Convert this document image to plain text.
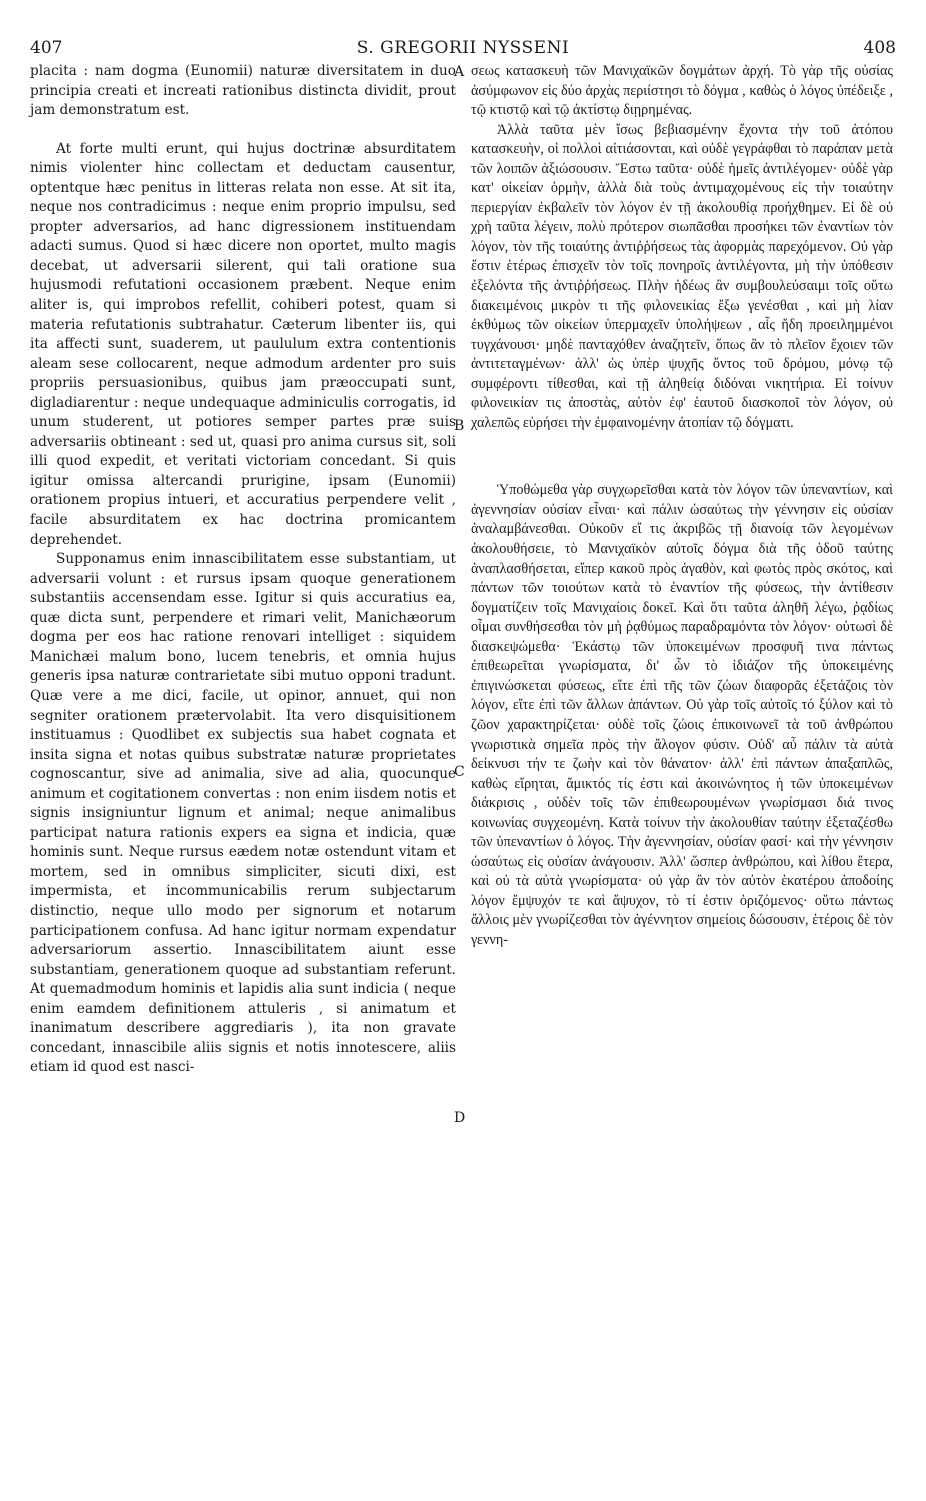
407	S. GREGORII NYSSENI	408

placita : nam dogma (Eunomii) naturæ diversitatem in duo principia creati et increati rationibus distincta dividit, prout jam demonstratum est.

At forte multi erunt, qui hujus doctrinæ absurditatem nimis violenter hinc collectam et deductam causentur, optentque hæc penitus in litteras relata non esse. At sit ita, neque nos contradicimus : neque enim proprio impulsu, sed propter adversarios, ad hanc digressionem instituendam adacti sumus. Quod si hæc dicere non oportet, multo magis decebat, ut adversarii silerent, qui tali oratione sua hujusmodi refutationi occasionem præbent. Neque enim aliter is, qui improbos refellit, cohiberi potest, quam si materia refutationis subtrahatur. Cæterum libenter iis, qui ita affecti sunt, suaderem, ut paululum extra contentionis aleam sese collocarent, neque admodum ardenter pro suis propriis persuasionibus, quibus jam præoccupati sunt, digladiarentur : neque undequaque adminiculis corrogatis, id unum studerent, ut potiores semper partes præ suis adversariis obtineant : sed ut, quasi pro anima cursus sit, soli illi quod expedit, et veritati victoriam concedant. Si quis igitur omissa altercandi prurigine, ipsam (Eunomii) orationem propius intueri, et accuratius perpendere velit , facile absurditatem ex hac doctrina promicantem deprehendet.

Supponamus enim innascibilitatem esse substantiam, ut adversarii volunt : et rursus ipsam quoque generationem substantiis accensendam esse. Igitur si quis accuratius ea, quæ dicta sunt, perpendere et rimari velit, Manichæorum dogma per eos hac ratione renovari intelliget : siquidem Manichæi malum bono, lucem tenebris, et omnia hujus generis ipsa naturæ contrarietate sibi mutuo opponi tradunt. Quæ vere a me dici, facile, ut opinor, annuet, qui non segniter orationem prætervolabit. Ita vero disquisitionem instituamus : Quodlibet ex subjectis sua habet cognata et insita signa et notas quibus substratæ naturæ proprietates cognoscantur, sive ad animalia, sive ad alia, quocunque animum et cogitationem convertas : non enim iisdem notis et signis insigniuntur lignum et animal; neque animalibus participat natura rationis expers ea signa et indicia, quæ hominis sunt. Neque rursus eædem notæ ostendunt vitam et mortem, sed in omnibus simpliciter, sicuti dixi, est impermista, et incommunicabilis rerum subjectarum distinctio, neque ullo modo per signorum et notarum participationem confusa. Ad hanc igitur normam expendatur adversariorum assertio. Innascibilitatem aiunt esse substantiam, generationem quoque ad substantiam referunt. At quemadmodum hominis et lapidis alia sunt indicia ( neque enim eamdem definitionem attuleris , si animatum et inanimatum describere aggrediaris ), ita non gravate concedant, innascibile aliis signis et notis innotescere, aliis etiam id quod est nasci-

A
B
C
D

σεως κατασκευὴ τῶν Μανιχαϊκῶν δογμάτων ἀρχή. Τὸ γὰρ τῆς οὐσίας ἀσύμφωνον εἰς δύο ἀρχὰς περιίστησι τὸ δόγμα , καθὼς ὁ λόγος ὑπέδειξε , τῷ κτιστῷ καὶ τῷ ἀκτίστῳ διῃρημένας.

Ἀλλὰ ταῦτα μὲν ἴσως βεβιασμένην ἔχοντα τὴν τοῦ ἀτόπου κατασκευὴν, οἱ πολλοὶ αἰτιάσονται, καὶ οὐδὲ γεγράφθαι τὸ παράπαν μετὰ τῶν λοιπῶν ἀξιώσουσιν. Ἔστω ταῦτα· οὐδὲ ἡμεῖς ἀντιλέγομεν· οὐδὲ γὰρ κατ' οἰκείαν ὁρμὴν, ἀλλὰ διὰ τοὺς ἀντιμαχομένους εἰς τὴν τοιαύτην περιεργίαν ἐκβαλεῖν τὸν λόγον ἐν τῇ ἀκολουθίᾳ προήχθημεν. Εἰ δὲ οὐ χρὴ ταῦτα λέγειν, πολὺ πρότερον σιωπᾶσθαι προσήκει τῶν ἐναντίων τὸν λόγον, τὸν τῆς τοιαύτης ἀντιῤῥήσεως τὰς ἀφορμὰς παρεχόμενον. Οὐ γὰρ ἔστιν ἑτέρως ἐπισχεῖν τὸν τοῖς πονηροῖς ἀντιλέγοντα, μὴ τὴν ὑπόθεσιν ἐξελόντα τῆς ἀντιῤῥήσεως. Πλὴν ἡδέως ἂν συμβουλεύσαιμι τοῖς οὕτω διακειμένοις μικρὸν τι τῆς φιλονεικίας ἔξω γενέσθαι , καὶ μὴ λίαν ἐκθύμως τῶν οἰκείων ὑπερμαχεῖν ὑπολήψεων , αἷς ἤδη προειλημμένοι τυγχάνουσι· μηδὲ πανταχόθεν ἀναζητεῖν, ὅπως ἂν τὸ πλεῖον ἔχοιεν τῶν ἀντιτεταγμένων· ἀλλ' ὡς ὑπὲρ ψυχῆς ὄντος τοῦ δρόμου, μόνῳ τῷ συμφέροντι τίθεσθαι, καὶ τῇ ἀληθείᾳ διδόναι νικητήρια. Εἰ τοίνυν φιλονεικίαν τις ἀποστὰς, αὐτὸν ἐφ' ἑαυτοῦ διασκοποῖ τὸν λόγον, οὐ χαλεπῶς εὑρήσει τὴν ἐμφαινομένην ἀτοπίαν τῷ δόγματι.

Ὑποθώμεθα γὰρ συγχωρεῖσθαι κατὰ τὸν λόγον τῶν ὑπεναντίων, καὶ ἀγεννησίαν οὐσίαν εἶναι· καὶ πάλιν ὡσαύτως τὴν γέννησιν εἰς οὐσίαν ἀναλαμβάνεσθαι. Οὐκοῦν εἴ τις ἀκριβῶς τῇ διανοίᾳ τῶν λεγομένων ἀκολουθήσειε, τὸ Μανιχαϊκὸν αὐτοῖς δόγμα διὰ τῆς ὁδοῦ ταύτης ἀναπλασθήσεται, εἴπερ κακοῦ πρὸς ἀγαθὸν, καὶ φωτὸς πρὸς σκότος, καὶ πάντων τῶν τοιούτων κατὰ τὸ ἐναντίον τῆς φύσεως, τὴν ἀντίθεσιν δογματίζειν τοῖς Μανιχαίοις δοκεῖ. Καὶ ὅτι ταῦτα ἀληθῆ λέγω, ῥᾳδίως οἶμαι συνθήσεσθαι τὸν μὴ ῥᾳθύμως παραδραμόντα τὸν λόγον· οὑτωσὶ δὲ διασκεψώμεθα· Ἑκάστῳ τῶν ὑποκειμένων προσφυῆ τινα πάντως ἐπιθεωρεῖται γνωρίσματα, δι' ὧν τὸ ἰδιάζον τῆς ὑποκειμένης ἐπιγινώσκεται φύσεως, εἴτε ἐπὶ τῆς τῶν ζώων διαφορᾶς ἐξετάζοις τὸν λόγον, εἴτε ἐπὶ τῶν ἄλλων ἁπάντων. Οὐ γὰρ τοῖς αὐτοῖς τό ξύλον καὶ τὸ ζῶον χαρακτηρίζεται· οὐδὲ τοῖς ζώοις ἐπικοινωνεῖ τὰ τοῦ ἀνθρώπου γνωριστικὰ σημεῖα πρὸς τὴν ἄλογον φύσιν. Οὐδ' αὖ πάλιν τὰ αὐτὰ δείκνυσι τήν τε ζωὴν καὶ τὸν θάνατον· ἀλλ' ἐπὶ πάντων ἁπαξαπλῶς, καθὼς εἴρηται, ἄμικτός τίς ἐστι καὶ ἀκοινώνητος ἡ τῶν ὑποκειμένων διάκρισις , οὐδὲν τοῖς τῶν ἐπιθεωρουμένων γνωρίσμασι διά τινος κοινωνίας συγχεομένη. Κατὰ τοίνυν τὴν ἀκολουθίαν ταύτην ἐξεταζέσθω τῶν ὑπεναντίων ὁ λόγος. Τὴν ἀγεννησίαν, οὐσίαν φασί· καὶ τὴν γέννησιν ὡσαύτως εἰς οὐσίαν ἀνάγουσιν. Ἀλλ' ὥσπερ ἀνθρώπου, καὶ λίθου ἕτερα, καὶ οὐ τὰ αὐτὰ γνωρίσματα· οὐ γὰρ ἂν τὸν αὐτὸν ἑκατέρου ἀποδοίης λόγον ἔμψυχόν τε καὶ ἄψυχον, τὸ τί ἐστιν ὁριζόμενος· οὕτω πάντως ἄλλοις μὲν γνωρίζεσθαι τὸν ἀγέννητον σημείοις δώσουσιν, ἑτέροις δὲ τὸν γεννη-
